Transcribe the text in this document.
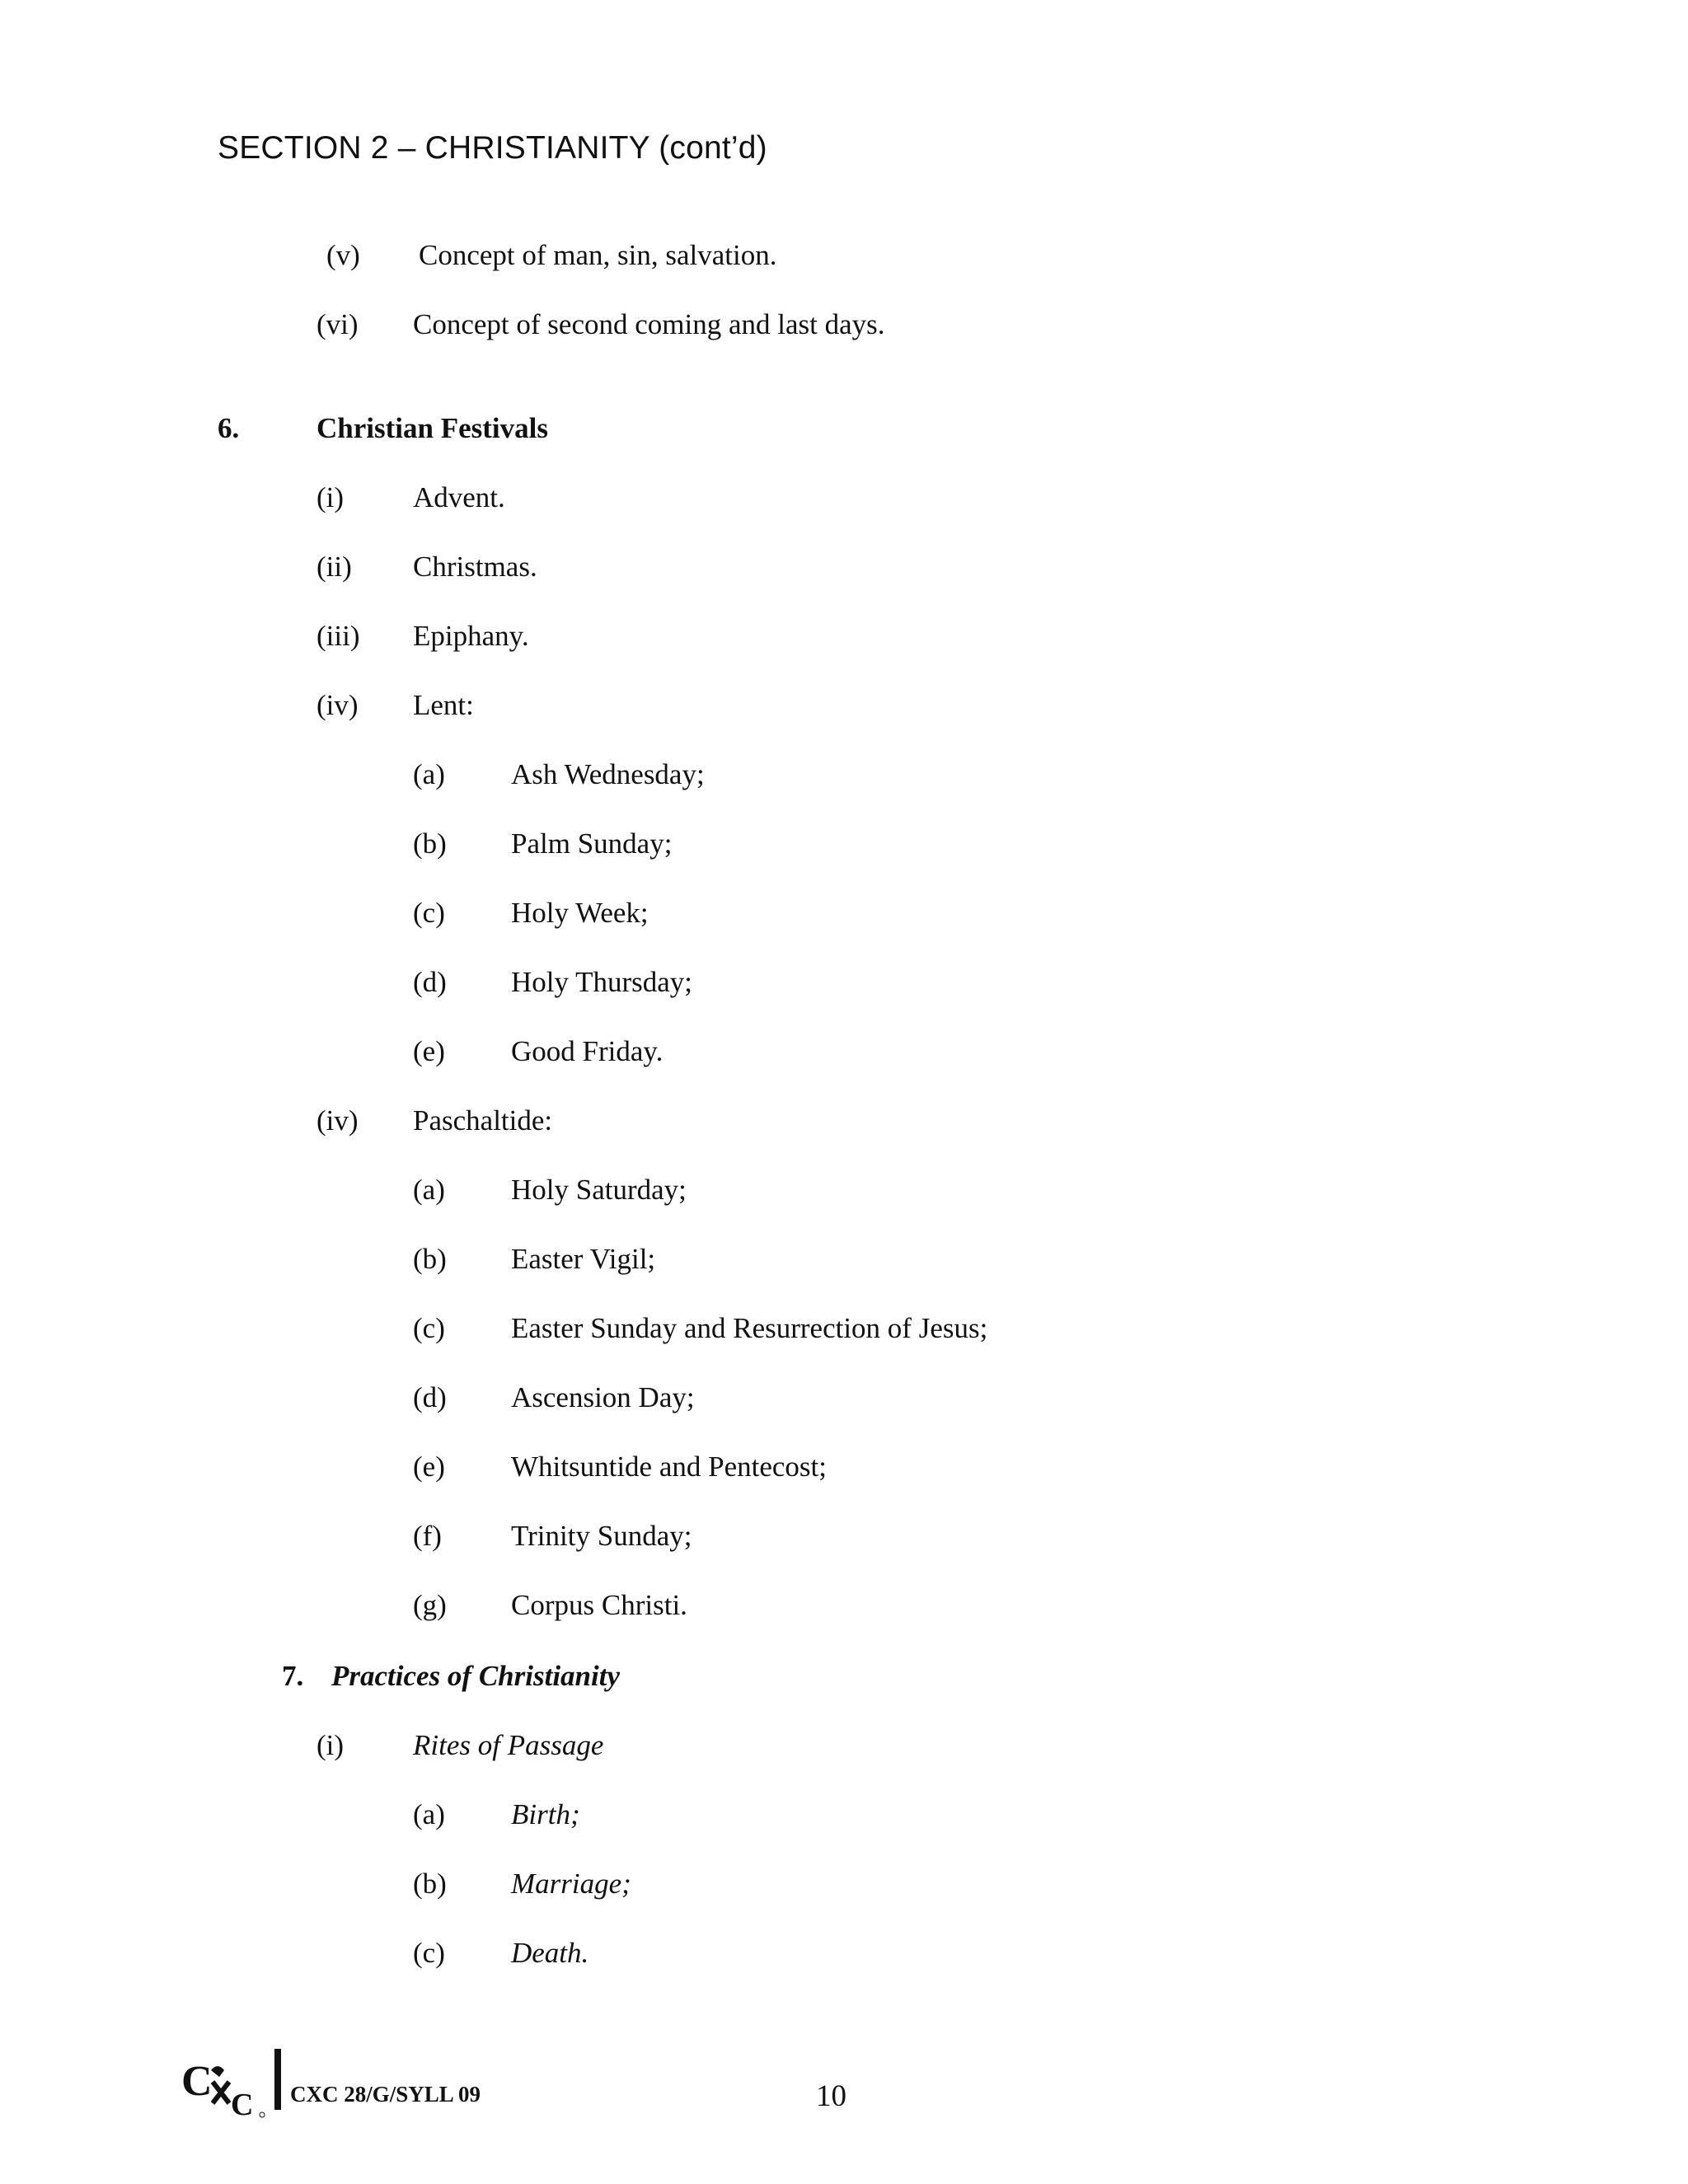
SECTION 2 – CHRISTIANITY (cont’d)
(v) Concept of man, sin, salvation.
(vi) Concept of second coming and last days.
6.	Christian Festivals
(i) Advent.
(ii) Christmas.
(iii) Epiphany.
(iv) Lent:
(a) Ash Wednesday;
(b) Palm Sunday;
(c) Holy Week;
(d) Holy Thursday;
(e) Good Friday.
(iv) Paschaltide:
(a) Holy Saturday;
(b) Easter Vigil;
(c) Easter Sunday and Resurrection of Jesus;
(d) Ascension Day;
(e) Whitsuntide and Pentecost;
(f) Trinity Sunday;
(g) Corpus Christi.
7. Practices of Christianity
(i) Rites of Passage
(a) Birth;
(b) Marriage;
(c) Death.
C C CXC 28/G/SYLL 09	10
